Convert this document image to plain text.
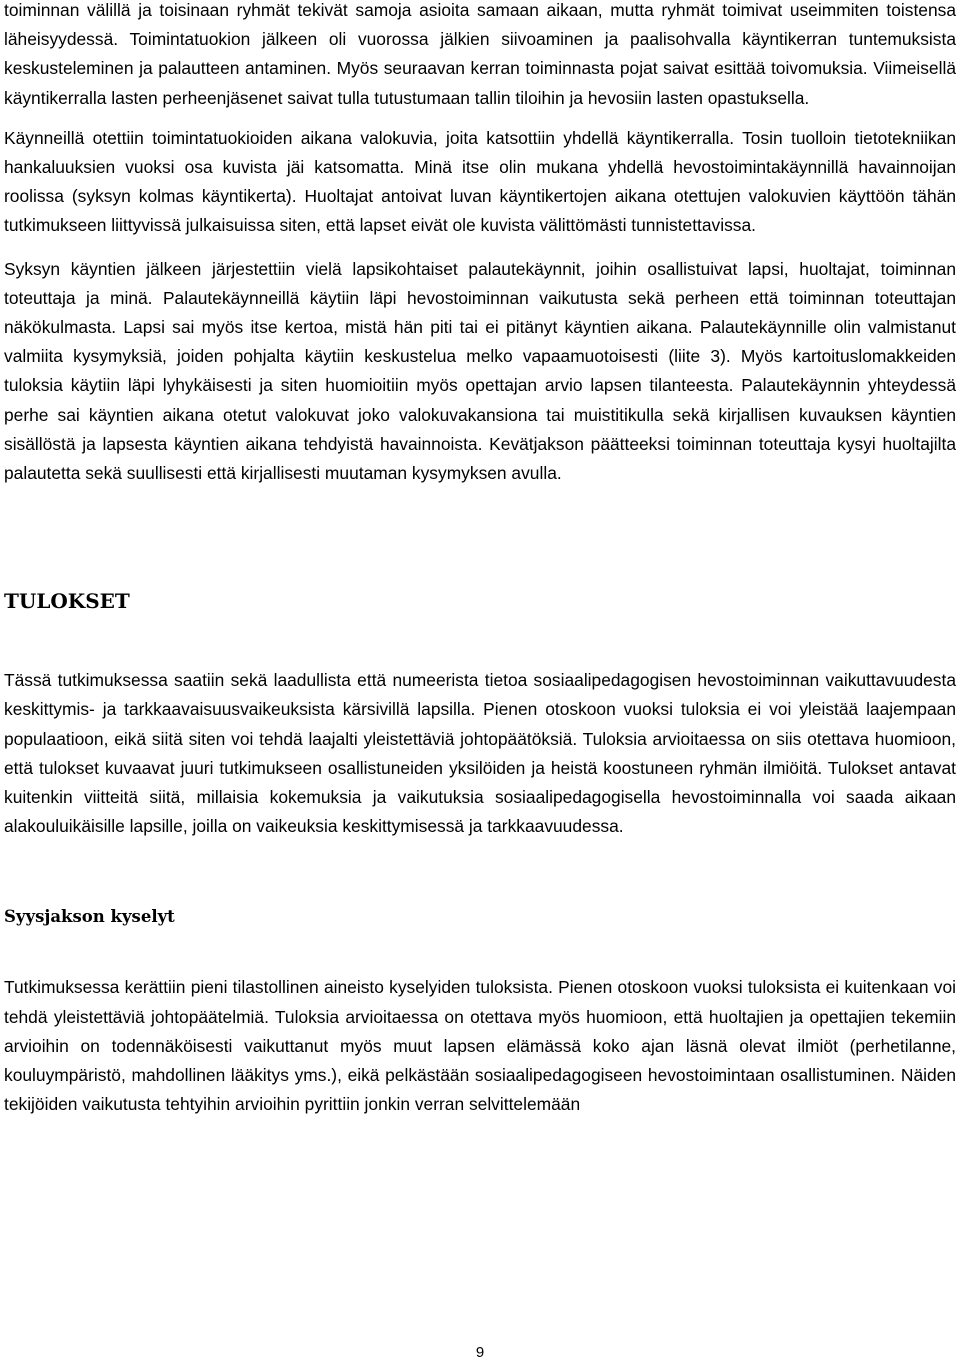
toiminnan välillä ja toisinaan ryhmät tekivät samoja asioita samaan aikaan, mutta ryhmät toimivat useimmiten toistensa läheisyydessä. Toimintatuokion jälkeen oli vuorossa jälkien siivoaminen ja paalisohvalla käyntikerran tuntemuksista keskusteleminen ja palautteen antaminen. Myös seuraavan kerran toiminnasta pojat saivat esittää toivomuksia. Viimeisellä käyntikerralla lasten perheenjäsenet saivat tulla tutustumaan tallin tiloihin ja hevosiin lasten opastuksella.

Käynneillä otettiin toimintatuokioiden aikana valokuvia, joita katsottiin yhdellä käyntikerralla. Tosin tuolloin tietotekniikan hankaluuksien vuoksi osa kuvista jäi katsomatta. Minä itse olin mukana yhdellä hevostoimintakäynnillä havainnoijan roolissa (syksyn kolmas käyntikerta). Huoltajat antoivat luvan käyntikertojen aikana otettujen valokuvien käyttöön tähän tutkimukseen liittyvissä julkaisuissa siten, että lapset eivät ole kuvista välittömästi tunnistettavissa.

Syksyn käyntien jälkeen järjestettiin vielä lapsikohtaiset palautekäynnit, joihin osallistuivat lapsi, huoltajat, toiminnan toteuttaja ja minä. Palautekäynneillä käytiin läpi hevostoiminnan vaikutusta sekä perheen että toiminnan toteuttajan näkökulmasta. Lapsi sai myös itse kertoa, mistä hän piti tai ei pitänyt käyntien aikana. Palautekäynnille olin valmistanut valmiita kysymyksiä, joiden pohjalta käytiin keskustelua melko vapaamuotoisesti (liite 3). Myös kartoituslomakkeiden tuloksia käytiin läpi lyhykäisesti ja siten huomioitiin myös opettajan arvio lapsen tilanteesta. Palautekäynnin yhteydessä perhe sai käyntien aikana otetut valokuvat joko valokuvakansiona tai muistitikulla sekä kirjallisen kuvauksen käyntien sisällöstä ja lapsesta käyntien aikana tehdyistä havainnoista. Kevätjakson päätteeksi toiminnan toteuttaja kysyi huoltajilta palautetta sekä suullisesti että kirjallisesti muutaman kysymyksen avulla.

TULOKSET

Tässä tutkimuksessa saatiin sekä laadullista että numeerista tietoa sosiaalipedagogisen hevostoiminnan vaikuttavuudesta keskittymis- ja tarkkaavaisuusvaikeuksista kärsivillä lapsilla. Pienen otoskoon vuoksi tuloksia ei voi yleistää laajempaan populaatioon, eikä siitä siten voi tehdä laajalti yleistettäviä johtopäätöksiä. Tuloksia arvioitaessa on siis otettava huomioon, että tulokset kuvaavat juuri tutkimukseen osallistuneiden yksilöiden ja heistä koostuneen ryhmän ilmiöitä. Tulokset antavat kuitenkin viitteitä siitä, millaisia kokemuksia ja vaikutuksia sosiaalipedagogisella hevostoiminnalla voi saada aikaan alakouluikäisille lapsille, joilla on vaikeuksia keskittymisessä ja tarkkaavuudessa.

Syysjakson kyselyt

Tutkimuksessa kerättiin pieni tilastollinen aineisto kyselyiden tuloksista. Pienen otoskoon vuoksi tuloksista ei kuitenkaan voi tehdä yleistettäviä johtopäätelmiä. Tuloksia arvioitaessa on otettava myös huomioon, että huoltajien ja opettajien tekemiin arvioihin on todennäköisesti vaikuttanut myös muut lapsen elämässä koko ajan läsnä olevat ilmiöt (perhetilanne, kouluympäristö, mahdollinen lääkitys yms.), eikä pelkästään sosiaalipedagogiseen hevostoimintaan osallistuminen. Näiden tekijöiden vaikutusta tehtyihin arvioihin pyrittiin jonkin verran selvittelemään

9
